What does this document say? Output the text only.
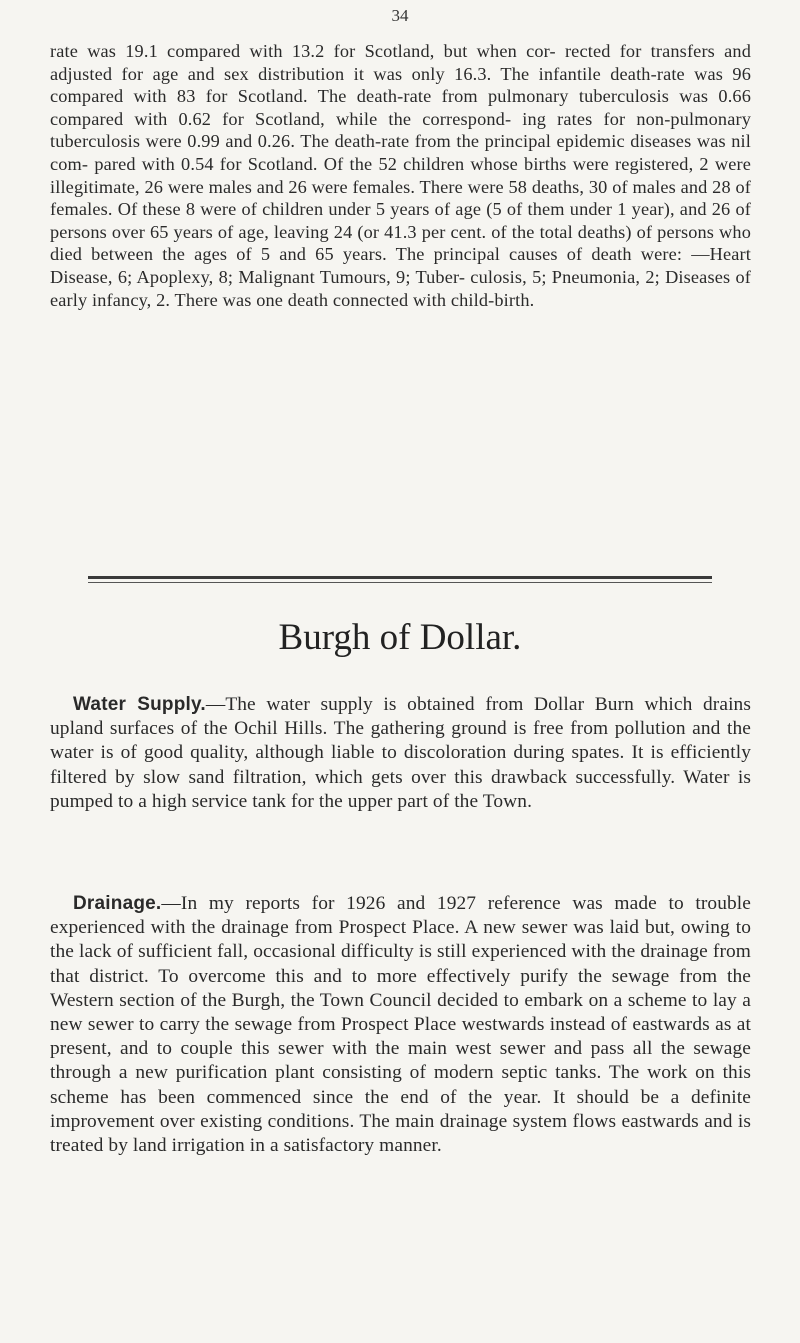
34

rate was 19.1 compared with 13.2 for Scotland, but when cor- rected for transfers and adjusted for age and sex distribution it was only 16.3. The infantile death-rate was 96 compared with 83 for Scotland. The death-rate from pulmonary tuberculosis was 0.66 compared with 0.62 for Scotland, while the correspond- ing rates for non-pulmonary tuberculosis were 0.99 and 0.26. The death-rate from the principal epidemic diseases was nil com- pared with 0.54 for Scotland. Of the 52 children whose births were registered, 2 were illegitimate, 26 were males and 26 were females. There were 58 deaths, 30 of males and 28 of females. Of these 8 were of children under 5 years of age (5 of them under 1 year), and 26 of persons over 65 years of age, leaving 24 (or 41.3 per cent. of the total deaths) of persons who died between the ages of 5 and 65 years. The principal causes of death were: —Heart Disease, 6; Apoplexy, 8; Malignant Tumours, 9; Tuber- culosis, 5; Pneumonia, 2; Diseases of early infancy, 2. There was one death connected with child-birth.

Burgh of Dollar.

Water Supply.—The water supply is obtained from Dollar Burn which drains upland surfaces of the Ochil Hills. The gathering ground is free from pollution and the water is of good quality, although liable to discoloration during spates. It is efficiently filtered by slow sand filtration, which gets over this drawback successfully. Water is pumped to a high service tank for the upper part of the Town.

Drainage.—In my reports for 1926 and 1927 reference was made to trouble experienced with the drainage from Prospect Place. A new sewer was laid but, owing to the lack of sufficient fall, occasional difficulty is still experienced with the drainage from that district. To overcome this and to more effectively purify the sewage from the Western section of the Burgh, the Town Council decided to embark on a scheme to lay a new sewer to carry the sewage from Prospect Place westwards instead of eastwards as at present, and to couple this sewer with the main west sewer and pass all the sewage through a new purification plant consisting of modern septic tanks. The work on this scheme has been commenced since the end of the year. It should be a definite improvement over existing conditions. The main drainage system flows eastwards and is treated by land irrigation in a satisfactory manner.
